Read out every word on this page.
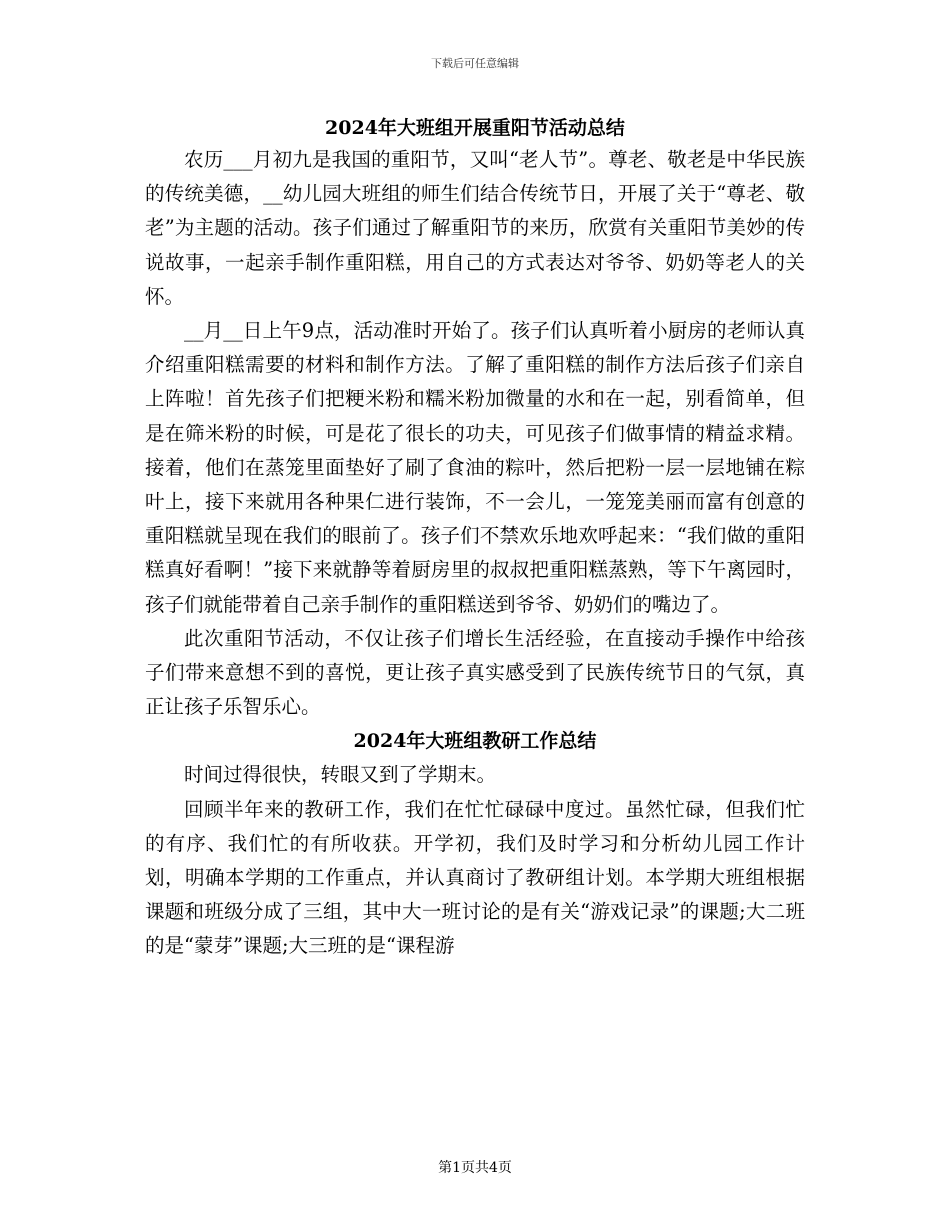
下载后可任意编辑
2024年大班组开展重阳节活动总结

农历___月初九是我国的重阳节，又叫“老人节”。尊老、敬老是中华民族的传统美德，__幼儿园大班组的师生们结合传统节日，开展了关于“尊老、敬老”为主题的活动。孩子们通过了解重阳节的来历，欣赏有关重阳节美妙的传说故事，一起亲手制作重阳糕，用自己的方式表达对爷爷、奶奶等老人的关怀。

__月__日上午9点，活动准时开始了。孩子们认真听着小厨房的老师认真介绍重阳糕需要的材料和制作方法。了解了重阳糕的制作方法后孩子们亲自上阵啦！首先孩子们把粳米粉和糯米粉加微量的水和在一起，别看简单，但是在筛米粉的时候，可是花了很长的功夫，可见孩子们做事情的精益求精。接着，他们在蒸笼里面垫好了刷了食油的粽叶，然后把粉一层一层地铺在粽叶上，接下来就用各种果仁进行装饰，不一会儿，一笼笼美丽而富有创意的重阳糕就呈现在我们的眼前了。孩子们不禁欢乐地欢呼起来：“我们做的重阳糕真好看啊！”接下来就静等着厨房里的叔叔把重阳糕蒸熟，等下午离园时，孩子们就能带着自己亲手制作的重阳糕送到爷爷、奶奶们的嘴边了。

此次重阳节活动，不仅让孩子们增长生活经验，在直接动手操作中给孩子们带来意想不到的喜悦，更让孩子真实感受到了民族传统节日的气氛，真正让孩子乐智乐心。

2024年大班组教研工作总结

时间过得很快，转眼又到了学期末。

回顾半年来的教研工作，我们在忙忙碌碌中度过。虽然忙碌，但我们忙的有序、我们忙的有所收获。开学初，我们及时学习和分析幼儿园工作计划，明确本学期的工作重点，并认真商讨了教研组计划。本学期大班组根据课题和班级分成了三组，其中大一班讨论的是有关“游戏记录”的课题;大二班的是“蒙芽”课题;大三班的是“课程游

第1页共4页
